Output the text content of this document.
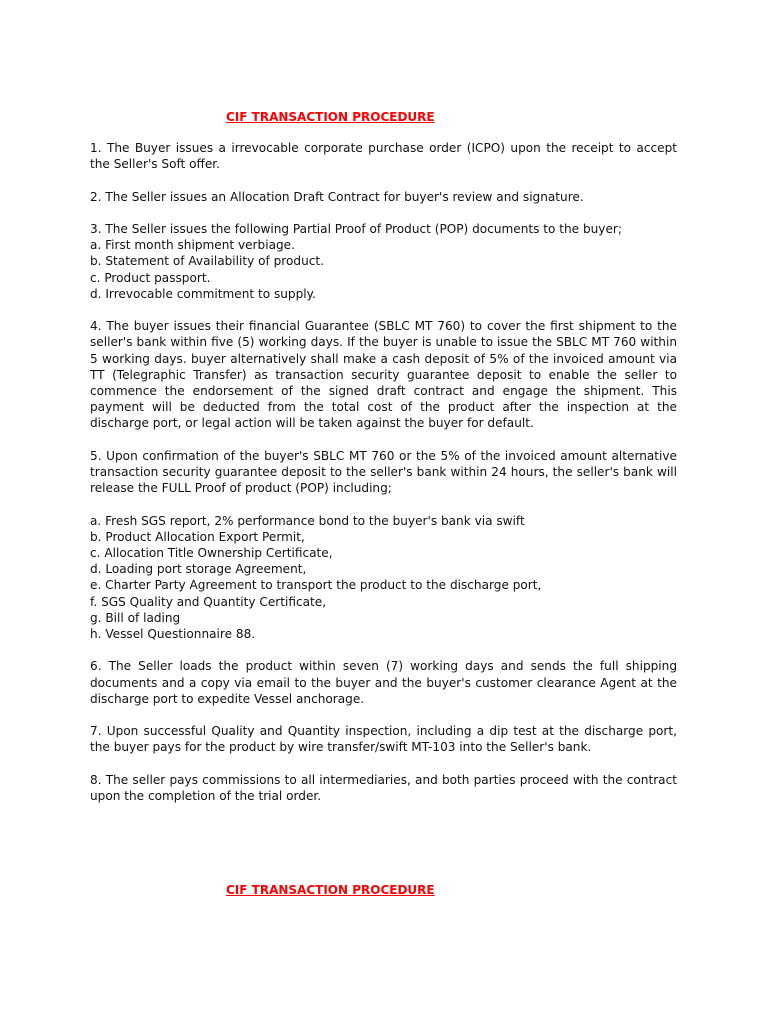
CIF TRANSACTION PROCEDURE

1. The Buyer issues a irrevocable corporate purchase order (ICPO) upon the receipt to accept the Seller's Soft offer.

2. The Seller issues an Allocation Draft Contract for buyer's review and signature.

3. The Seller issues the following Partial Proof of Product (POP) documents to the buyer;

a. First month shipment verbiage.
b. Statement of Availability of product.
c. Product passport.
d. Irrevocable commitment to supply.

4. The buyer issues their financial Guarantee (SBLC MT 760) to cover the first shipment to the seller's bank within five (5) working days. If the buyer is unable to issue the SBLC MT 760 within 5 working days. buyer alternatively shall make a cash deposit of 5% of the invoiced amount via TT (Telegraphic Transfer) as transaction security guarantee deposit to enable the seller to commence the endorsement of the signed draft contract and engage the shipment. This payment will be deducted from the total cost of the product after the inspection at the discharge port, or legal action will be taken against the buyer for default.

5. Upon confirmation of the buyer's SBLC MT 760 or the 5% of the invoiced amount alternative transaction security guarantee deposit to the seller's bank within 24 hours, the seller's bank will release the FULL Proof of product (POP) including;

a. Fresh SGS report, 2% performance bond to the buyer's bank via swift
b. Product Allocation Export Permit,
c. Allocation Title Ownership Certificate,
d. Loading port storage Agreement,
e. Charter Party Agreement to transport the product to the discharge port,
f. SGS Quality and Quantity Certificate,
g. Bill of lading
h. Vessel Questionnaire 88.

6. The Seller loads the product within seven (7) working days and sends the full shipping documents and a copy via email to the buyer and the buyer's customer clearance Agent at the discharge port to expedite Vessel anchorage.

7. Upon successful Quality and Quantity inspection, including a dip test at the discharge port, the buyer pays for the product by wire transfer/swift MT-103 into the Seller's bank.

8. The seller pays commissions to all intermediaries, and both parties proceed with the contract upon the completion of the trial order.

CIF TRANSACTION PROCEDURE
